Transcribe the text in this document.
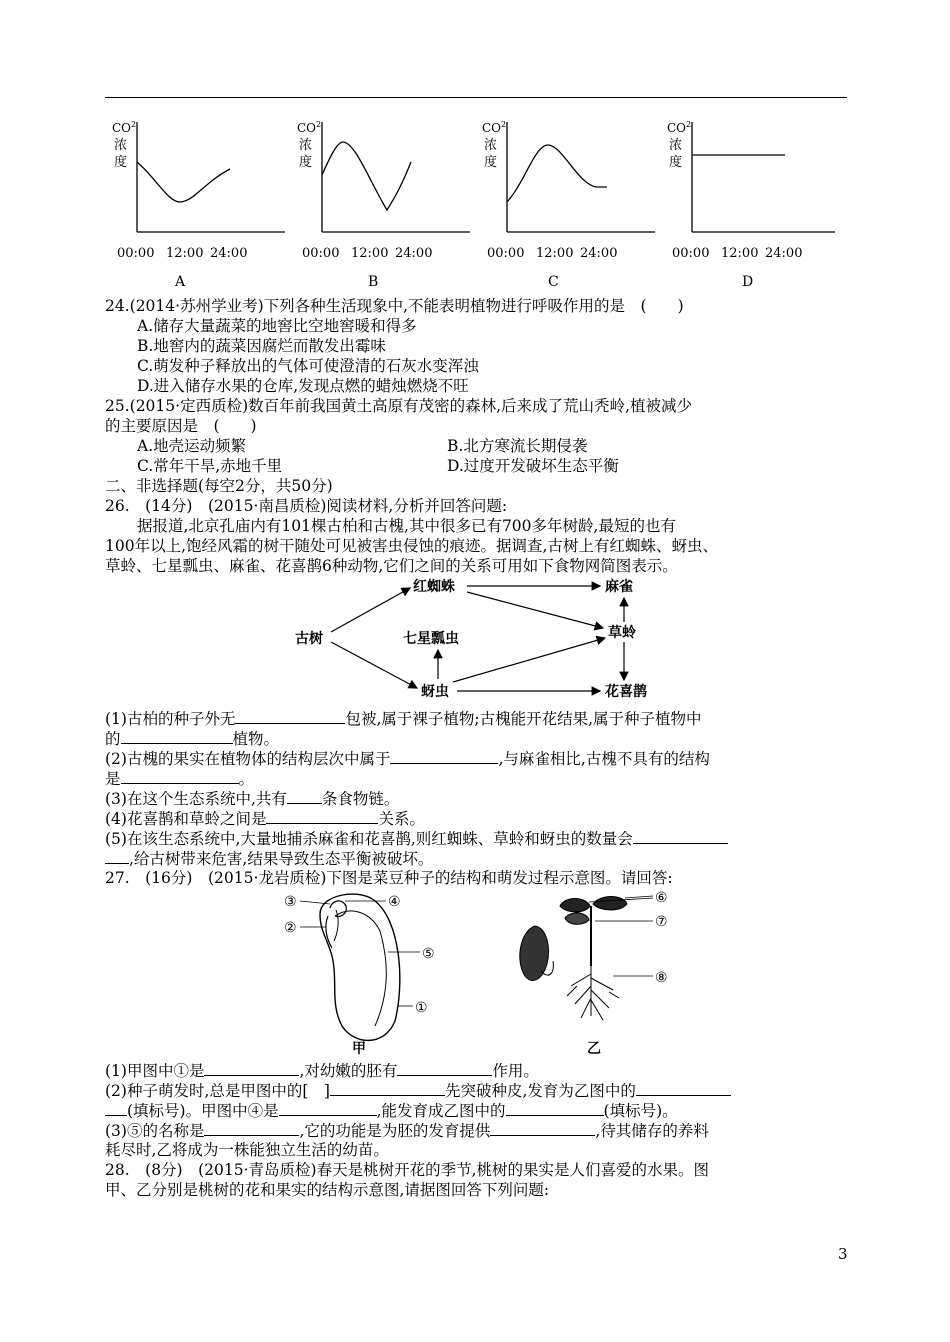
$CO^2$
浓
度
00:00 12:00 24:00
A
$CO^2$
浓
度
00:00 12:00 24:00
B
$CO^2$
浓
度
00:00 12:00 24:00
C
$CO^2$
浓
度
00:00 12:00 24:00
D
24.(2014·苏州学业考)下列各种生活现象中,不能表明植物进行呼吸作用的是　(　　)
A.储存大量蔬菜的地窖比空地窖暖和得多
B.地窖内的蔬菜因腐烂而散发出霉味
C.萌发种子释放出的气体可使澄清的石灰水变浑浊
D.进入储存水果的仓库,发现点燃的蜡烛燃烧不旺
25.(2015·定西质检)数百年前我国黄土高原有茂密的森林,后来成了荒山秃岭,植被减少
的主要原因是　(　　)
A.地壳运动频繁	B.北方寒流长期侵袭
C.常年干旱,赤地千里	D.过度开发破坏生态平衡
二、非选择题(每空2分，共50分)
26.　(14分)　(2015·南昌质检)阅读材料,分析并回答问题:
据报道,北京孔庙内有101棵古柏和古槐,其中很多已有700多年树龄,最短的也有
100年以上,饱经风霜的树干随处可见被害虫侵蚀的痕迹。据调查,古树上有红蜘蛛、蚜虫、
草蛉、七星瓢虫、麻雀、花喜鹊6种动物,它们之间的关系可用如下食物网简图表示。
古树
红蜘蛛	麻雀
七星瓢虫	草蛉
蚜虫	花喜鹊
(1)古柏的种子外无	包被,属于裸子植物;古槐能开花结果,属于种子植物中
的	植物。
(2)古槐的果实在植物体的结构层次中属于	,与麻雀相比,古槐不具有的结构
是	。
(3)在这个生态系统中,共有 条食物链。
(4)花喜鹊和草蛉之间是	关系。
(5)在该生态系统中,大量地捕杀麻雀和花喜鹊,则红蜘蛛、草蛉和蚜虫的数量会
,给古树带来危害,结果导致生态平衡被破坏。
27.　(16分)　(2015·龙岩质检)下图是菜豆种子的结构和萌发过程示意图。请回答:
③
②
④
⑤
①
甲
⑥
⑦
⑧
乙
(1)甲图中①是	,对幼嫩的胚有	作用。
(2)种子萌发时,总是甲图中的[　]	先突破种皮,发育为乙图中的
(填标号)。甲图中④是	,能发育成乙图中的	(填标号)。
(3)⑤的名称是	,它的功能是为胚的发育提供	,待其储存的养料
耗尽时,乙将成为一株能独立生活的幼苗。
28.　(8分)　(2015·青岛质检)春天是桃树开花的季节,桃树的果实是人们喜爱的水果。图
甲、乙分别是桃树的花和果实的结构示意图,请据图回答下列问题:
3
